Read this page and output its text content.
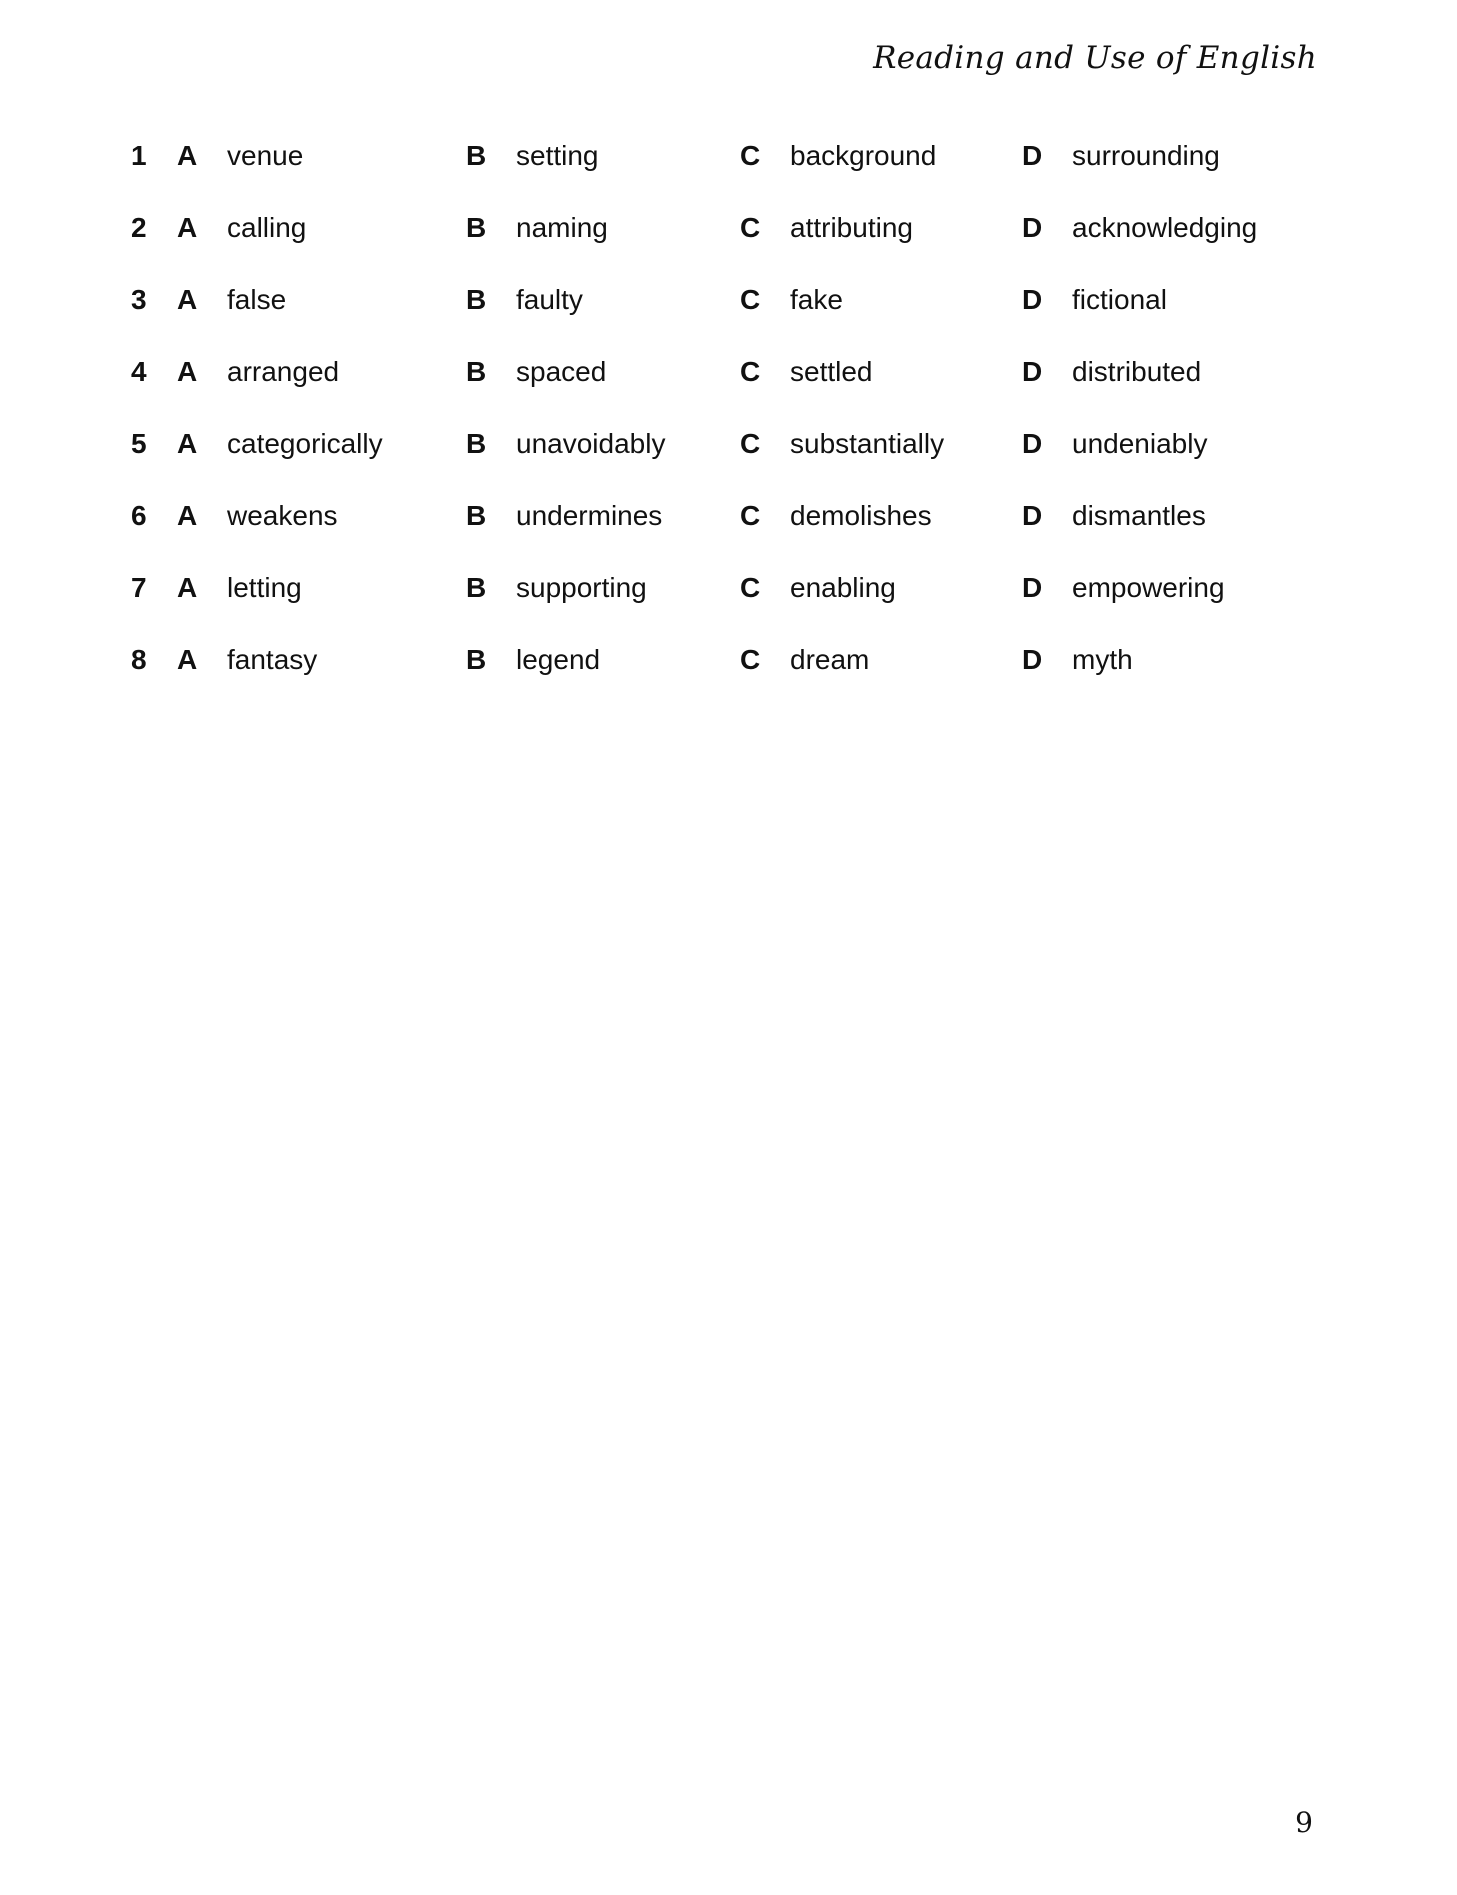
Reading and Use of English
1 A venue	B setting	C background	D surrounding
2 A calling	B naming	C attributing	D acknowledging
3 A false	B faulty	C fake	D fictional
4 A arranged	B spaced	C settled	D distributed
5 A categorically	B unavoidably	C substantially	D undeniably
6 A weakens	B undermines	C demolishes	D dismantles
7 A letting	B supporting	C enabling	D empowering
8 A fantasy	B legend	C dream	D myth
9
